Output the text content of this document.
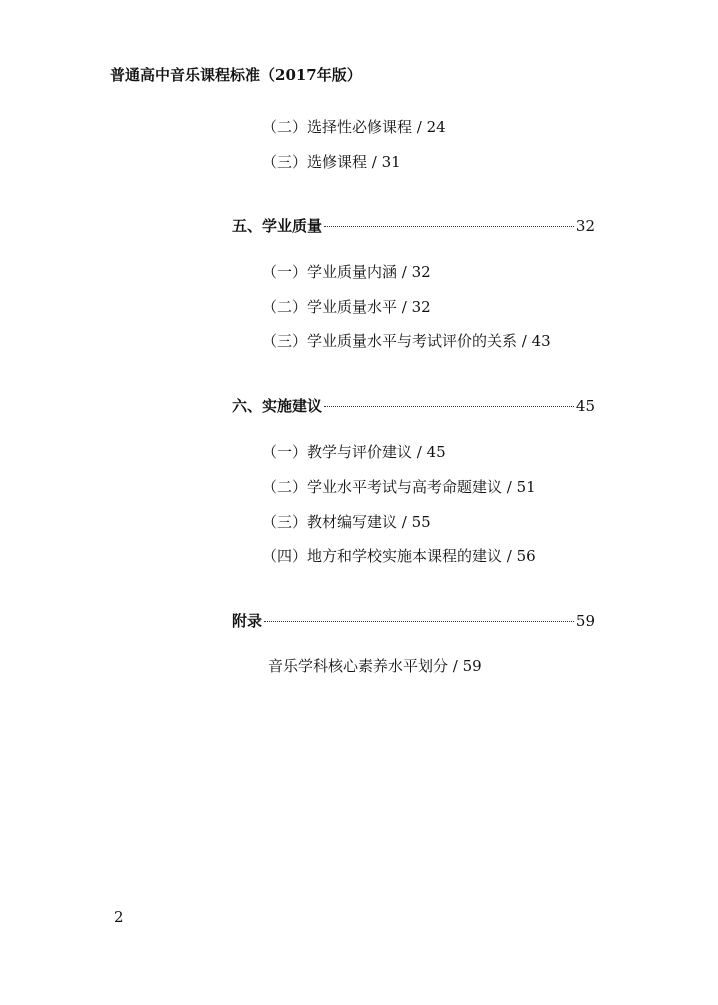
普通高中音乐课程标准（2017年版）
（二）选择性必修课程 / 24
（三）选修课程 / 31
五、学业质量	32
（一）学业质量内涵 / 32
（二）学业质量水平 / 32
（三）学业质量水平与考试评价的关系 / 43
六、实施建议	45
（一）教学与评价建议 / 45
（二）学业水平考试与高考命题建议 / 51
（三）教材编写建议 / 55
（四）地方和学校实施本课程的建议 / 56
附录	59
音乐学科核心素养水平划分 / 59
2
